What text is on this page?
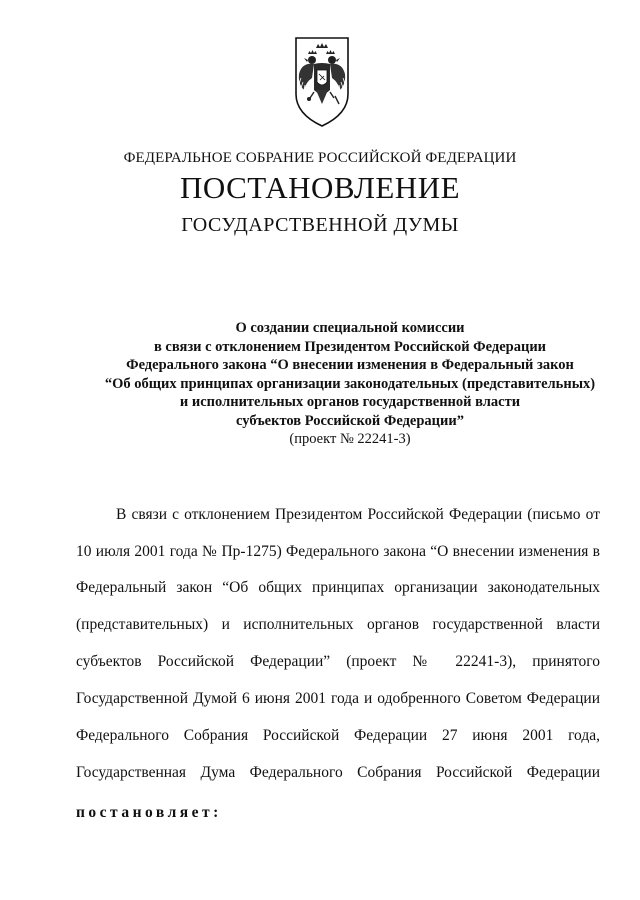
ФЕДЕРАЛЬНОЕ СОБРАНИЕ РОССИЙСКОЙ ФЕДЕРАЦИИ
ПОСТАНОВЛЕНИЕ
ГОСУДАРСТВЕННОЙ ДУМЫ
О создании специальной комиссии
в связи с отклонением Президентом Российской Федерации
Федерального закона “О внесении изменения в Федеральный закон
“Об общих принципах организации законодательных (представительных)
и исполнительных органов государственной власти
субъектов Российской Федерации”
(проект № 22241-3)
В связи с отклонением Президентом Российской Федерации (письмо от
10 июля 2001 года № Пр-1275) Федерального закона “О внесении изменения в
Федеральный закон “Об общих принципах организации законодательных
(представительных) и исполнительных органов государственной власти
субъектов Российской Федерации” (проект № 22241-3), принятого
Государственной Думой 6 июня 2001 года и одобренного Советом Федерации
Федерального Собрания Российской Федерации 27 июня 2001 года,
Государственная Дума Федерального Собрания Российской Федерации
постановляет:
